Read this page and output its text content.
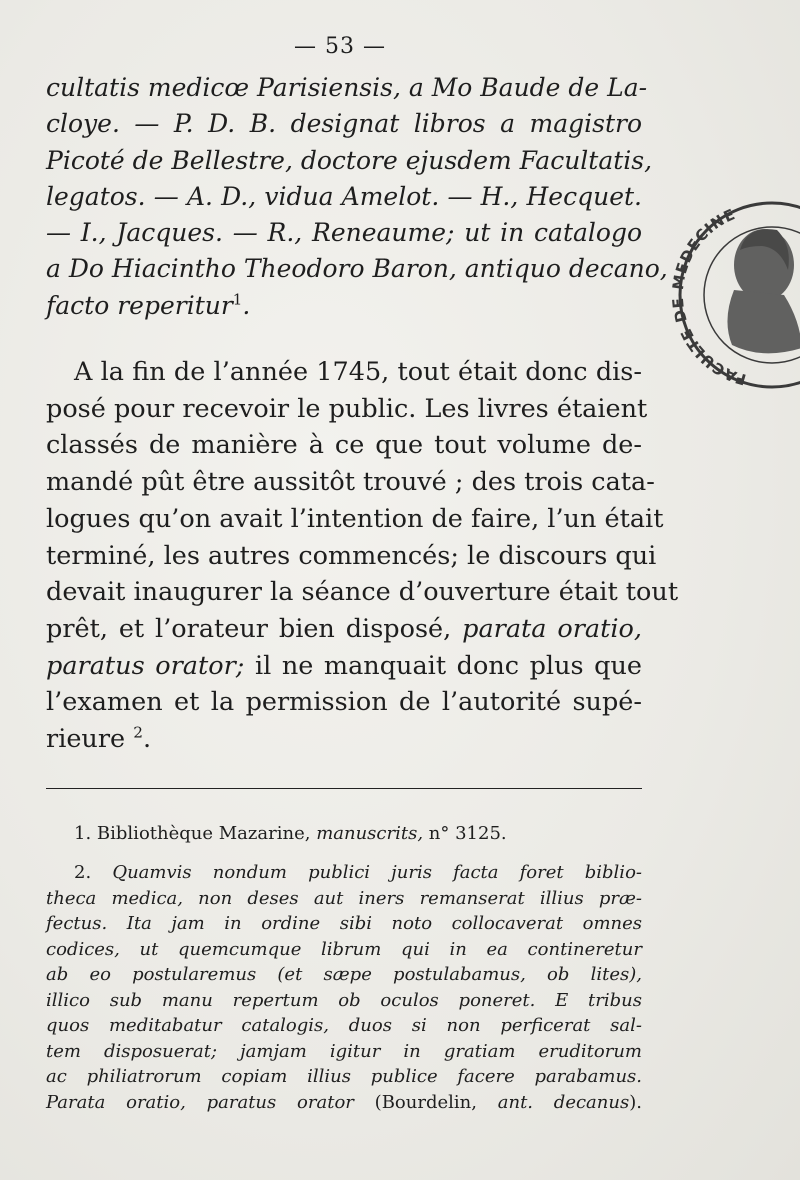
— 53 —
cultatis medicœ Parisiensis, a Mo Baude de La-
cloye. — P. D. B. designat libros a magistro
Picoté de Bellestre, doctore ejusdem Facultatis,
legatos. — A. D., vidua Amelot. — H., Hecquet.
— I., Jacques. — R., Reneaume; ut in catalogo
a Do Hiacintho Theodoro Baron, antiquo decano,
facto reperitur$^1$.
A la fin de l’année 1745, tout était donc dis-
posé pour recevoir le public. Les livres étaient
classés de manière à ce que tout volume de-
mandé pût être aussitôt trouvé ; des trois cata-
logues qu’on avait l’intention de faire, l’un était
terminé, les autres commencés; le discours qui
devait inaugurer la séance d’ouverture était tout
prêt, et l’orateur bien disposé, parata oratio,
paratus orator; il ne manquait donc plus que
l’examen et la permission de l’autorité supé-
rieure $^2$.
1. Bibliothèque Mazarine, manuscrits, n° 3125.
2. Quamvis nondum publici juris facta foret biblio-
theca medica, non deses aut iners remanserat illius præ-
fectus. Ita jam in ordine sibi noto collocaverat omnes
codices, ut quemcumque librum qui in ea contineretur
ab eo postularemus (et sæpe postulabamus, ob lites),
illico sub manu repertum ob oculos poneret. E tribus
quos meditabatur catalogis, duos si non perficerat sal-
tem disposuerat; jamjam igitur in gratiam eruditorum
ac philiatrorum copiam illius publice facere parabamus.
Parata oratio, paratus orator (Bourdelin, ant. decanus).
FACULTE DE MEDECINE
